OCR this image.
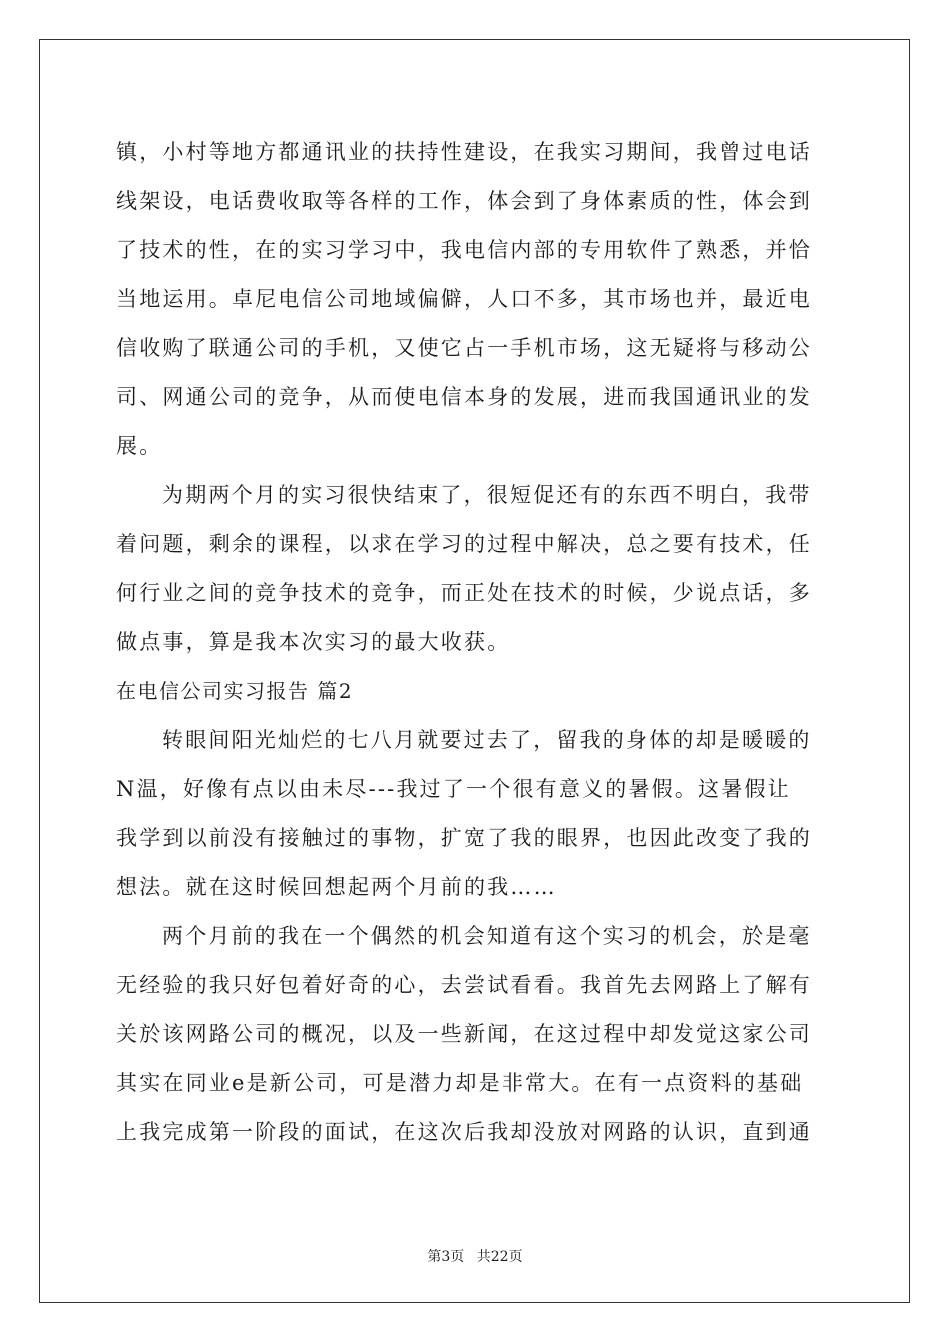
镇，小村等地方都通讯业的扶持性建设，在我实习期间，我曾过电话
线架设，电话费收取等各样的工作，体会到了身体素质的性，体会到
了技术的性，在的实习学习中，我电信内部的专用软件了熟悉，并恰
当地运用。卓尼电信公司地域偏僻，人口不多，其市场也并，最近电
信收购了联通公司的手机，又使它占一手机市场，这无疑将与移动公
司、网通公司的竞争，从而使电信本身的发展，进而我国通讯业的发
展。
为期两个月的实习很快结束了，很短促还有的东西不明白，我带
着问题，剩余的课程，以求在学习的过程中解决，总之要有技术，任
何行业之间的竞争技术的竞争，而正处在技术的时候，少说点话，多
做点事，算是我本次实习的最大收获。
在电信公司实习报告 篇2
转眼间阳光灿烂的七八月就要过去了，留我的身体的却是暖暖的
N温，好像有点以由未尽---我过了一个很有意义的暑假。这暑假让
我学到以前没有接触过的事物，扩宽了我的眼界，也因此改变了我的
想法。就在这时候回想起两个月前的我……
两个月前的我在一个偶然的机会知道有这个实习的机会，於是毫
无经验的我只好包着好奇的心，去尝试看看。我首先去网路上了解有
关於该网路公司的概况，以及一些新闻，在这过程中却发觉这家公司
其实在同业e是新公司，可是潜力却是非常大。在有一点资料的基础
上我完成第一阶段的面试，在这次后我却没放对网路的认识，直到通
第3页 共22页
